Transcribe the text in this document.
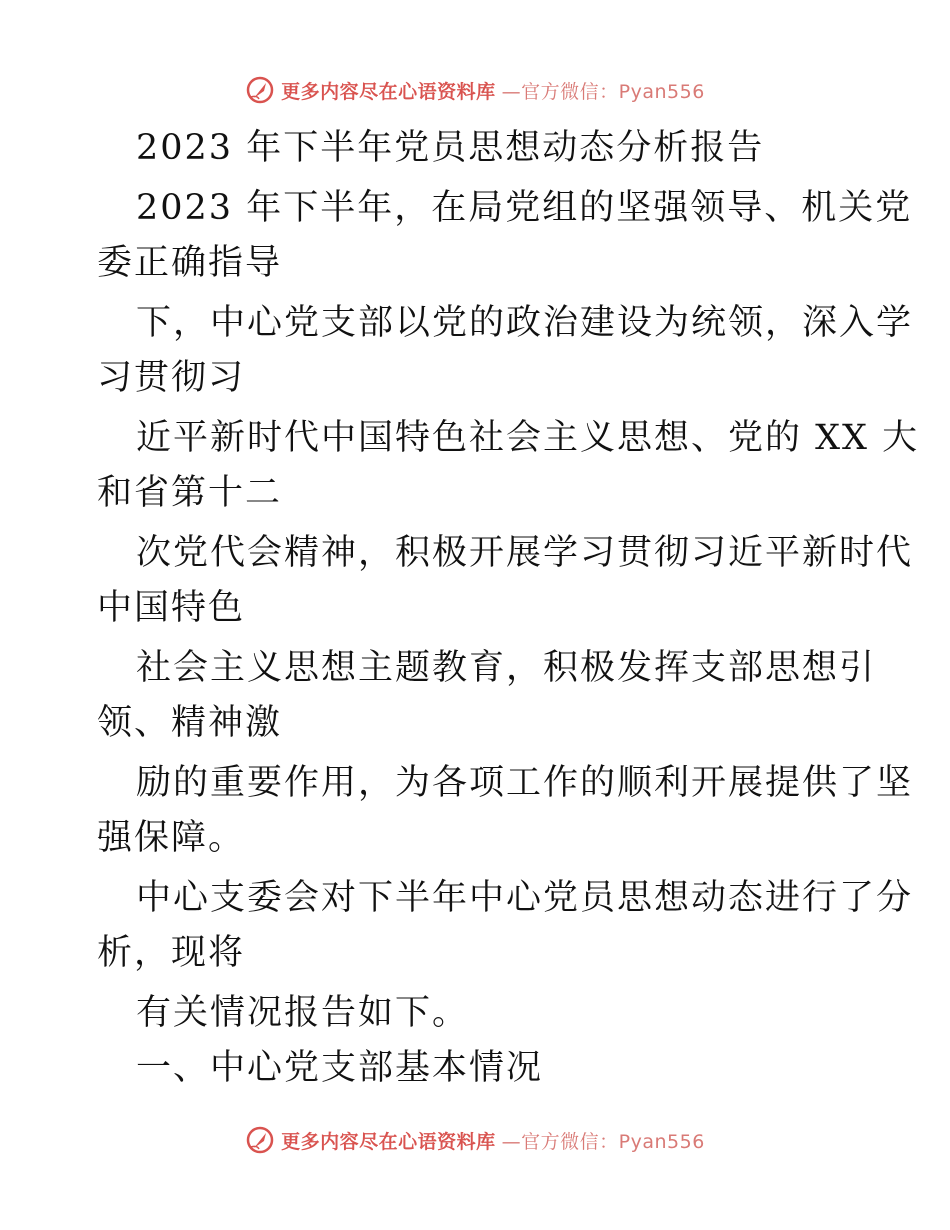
更多内容尽在心语资料库 —官方微信：Pyan556
2023 年下半年党员思想动态分析报告
2023 年下半年，在局党组的坚强领导、机关党
委正确指导
下，中心党支部以党的政治建设为统领，深入学
习贯彻习
近平新时代中国特色社会主义思想、党的 XX 大
和省第十二
次党代会精神，积极开展学习贯彻习近平新时代
中国特色
社会主义思想主题教育，积极发挥支部思想引
领、精神激
励的重要作用，为各项工作的顺利开展提供了坚
强保障。
中心支委会对下半年中心党员思想动态进行了分
析，现将
有关情况报告如下。
一、中心党支部基本情况
更多内容尽在心语资料库 —官方微信：Pyan556
